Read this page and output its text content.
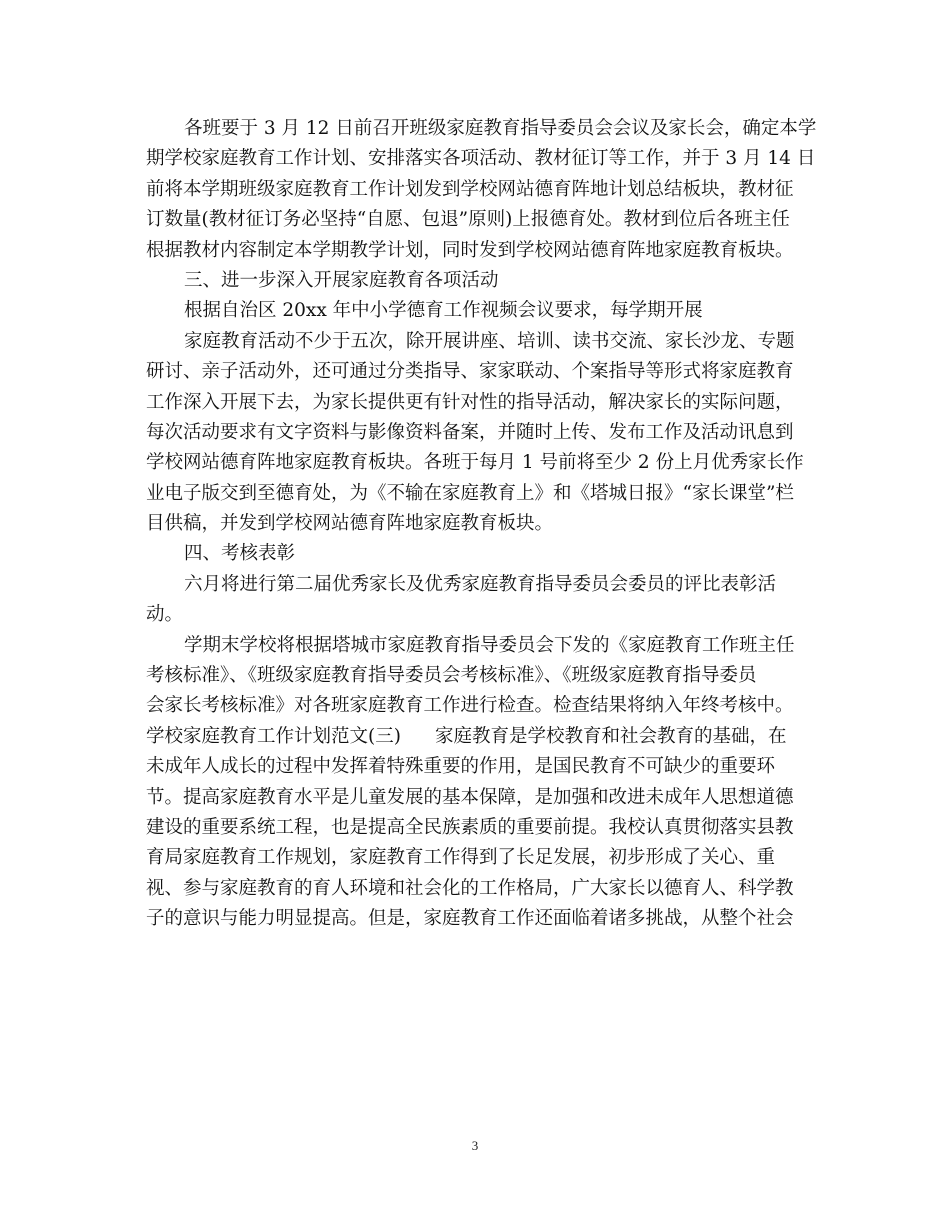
各班要于 3 月 12 日前召开班级家庭教育指导委员会会议及家长会，确定本学
期学校家庭教育工作计划、安排落实各项活动、教材征订等工作，并于 3 月 14 日
前将本学期班级家庭教育工作计划发到学校网站德育阵地计划总结板块，教材征
订数量(教材征订务必坚持“自愿、包退”原则)上报德育处。教材到位后各班主任
根据教材内容制定本学期教学计划，同时发到学校网站德育阵地家庭教育板块。
三、进一步深入开展家庭教育各项活动
根据自治区 20xx 年中小学德育工作视频会议要求，每学期开展
家庭教育活动不少于五次，除开展讲座、培训、读书交流、家长沙龙、专题
研讨、亲子活动外，还可通过分类指导、家家联动、个案指导等形式将家庭教育
工作深入开展下去，为家长提供更有针对性的指导活动，解决家长的实际问题，
每次活动要求有文字资料与影像资料备案，并随时上传、发布工作及活动讯息到
学校网站德育阵地家庭教育板块。各班于每月 1 号前将至少 2 份上月优秀家长作
业电子版交到至德育处，为《不输在家庭教育上》和《塔城日报》“家长课堂”栏
目供稿，并发到学校网站德育阵地家庭教育板块。
四、考核表彰
六月将进行第二届优秀家长及优秀家庭教育指导委员会委员的评比表彰活
动。
学期末学校将根据塔城市家庭教育指导委员会下发的《家庭教育工作班主任
考核标准》、《班级家庭教育指导委员会考核标准》、《班级家庭教育指导委员
会家长考核标准》对各班家庭教育工作进行检查。检查结果将纳入年终考核中。
学校家庭教育工作计划范文(三) 家庭教育是学校教育和社会教育的基础，在
未成年人成长的过程中发挥着特殊重要的作用，是国民教育不可缺少的重要环
节。提高家庭教育水平是儿童发展的基本保障，是加强和改进未成年人思想道德
建设的重要系统工程，也是提高全民族素质的重要前提。我校认真贯彻落实县教
育局家庭教育工作规划，家庭教育工作得到了长足发展，初步形成了关心、重
视、参与家庭教育的育人环境和社会化的工作格局，广大家长以德育人、科学教
子的意识与能力明显提高。但是，家庭教育工作还面临着诸多挑战，从整个社会
3
